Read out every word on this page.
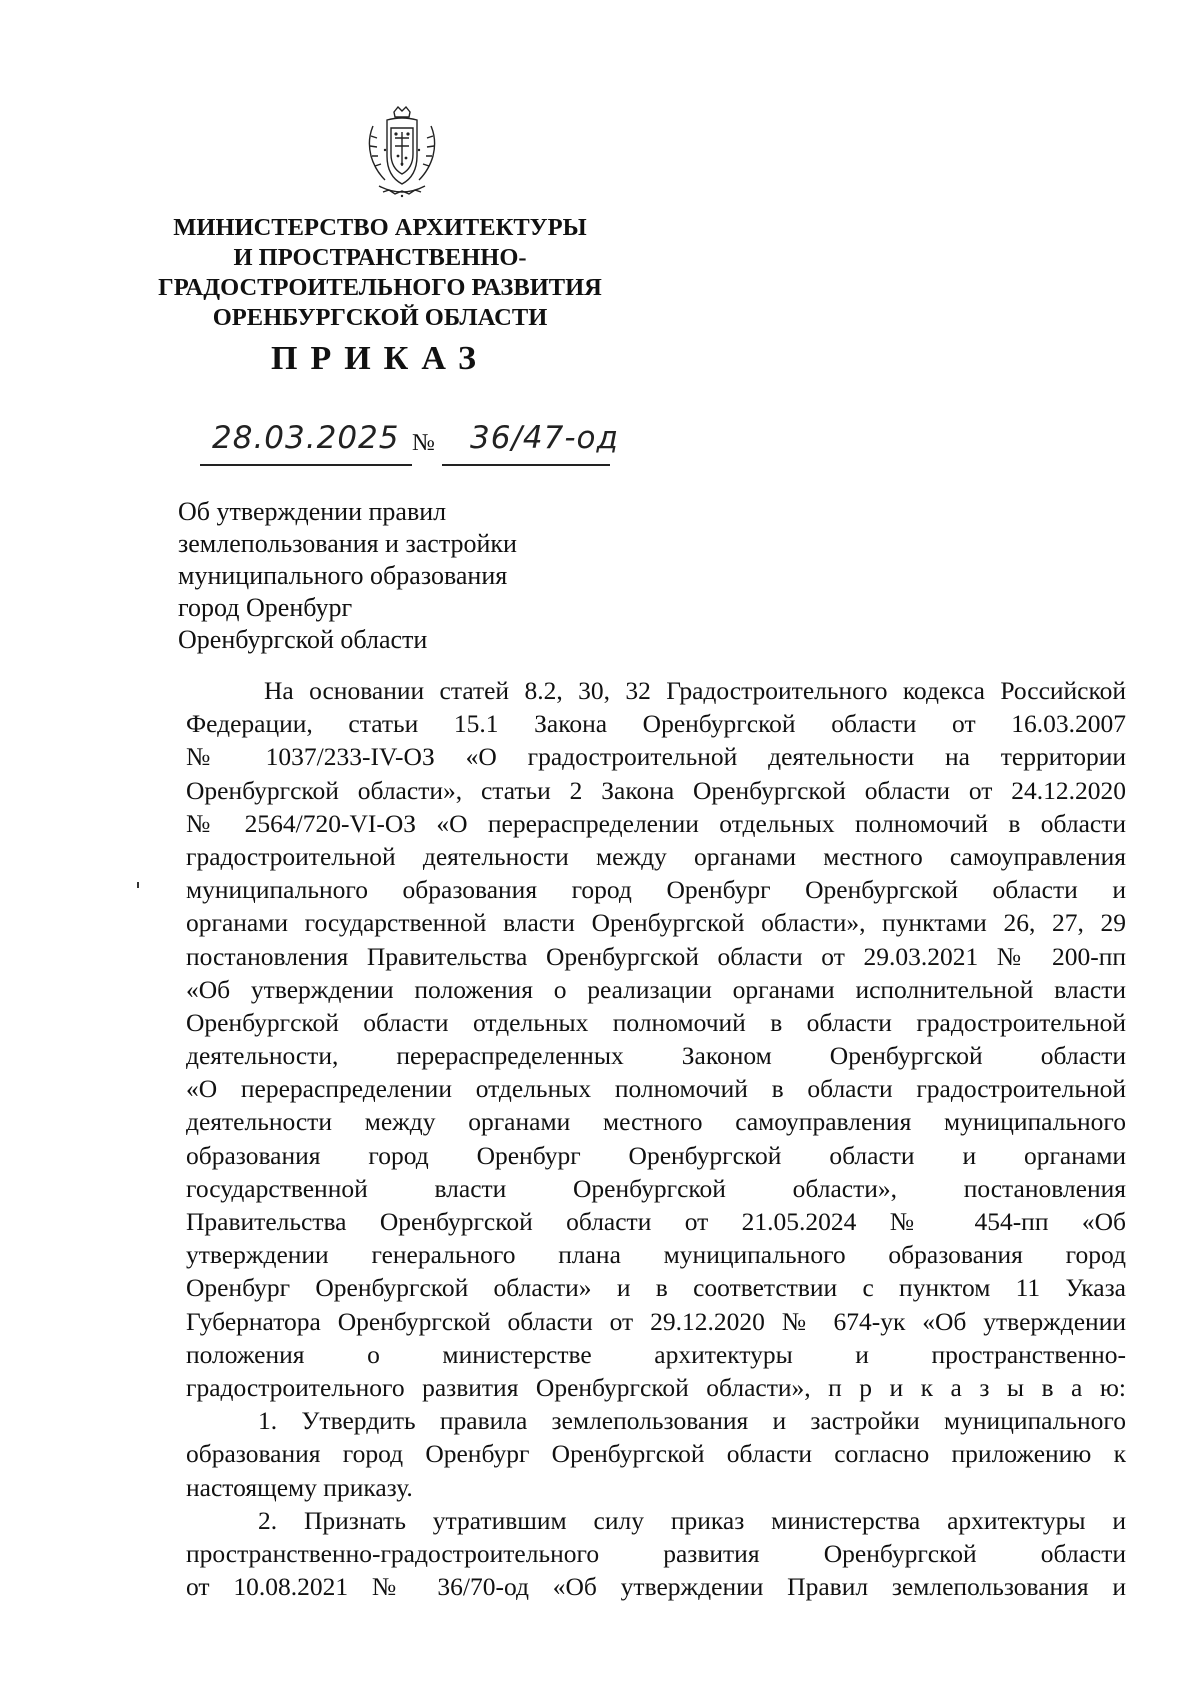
МИНИСТЕРСТВО АРХИТЕКТУРЫ
И ПРОСТРАНСТВЕННО-
ГРАДОСТРОИТЕЛЬНОГО РАЗВИТИЯ
ОРЕНБУРГСКОЙ ОБЛАСТИ
ПРИКАЗ
28.03.2025 № 36/47-од
Об утверждении правил
землепользования и застройки
муниципального образования
город Оренбург
Оренбургской области
На основании статей 8.2, 30, 32 Градостроительного кодекса Российской
Федерации, статьи 15.1 Закона Оренбургской области от 16.03.2007
№ 1037/233-IV-ОЗ «О градостроительной деятельности на территории
Оренбургской области», статьи 2 Закона Оренбургской области от 24.12.2020
№ 2564/720-VI-ОЗ «О перераспределении отдельных полномочий в области
градостроительной деятельности между органами местного самоуправления
муниципального образования город Оренбург Оренбургской области и
органами государственной власти Оренбургской области», пунктами 26, 27, 29
постановления Правительства Оренбургской области от 29.03.2021 № 200-пп
«Об утверждении положения о реализации органами исполнительной власти
Оренбургской области отдельных полномочий в области градостроительной
деятельности, перераспределенных Законом Оренбургской области
«О перераспределении отдельных полномочий в области градостроительной
деятельности между органами местного самоуправления муниципального
образования город Оренбург Оренбургской области и органами
государственной власти Оренбургской области», постановления
Правительства Оренбургской области от 21.05.2024 № 454-пп «Об
утверждении генерального плана муниципального образования город
Оренбург Оренбургской области» и в соответствии с пунктом 11 Указа
Губернатора Оренбургской области от 29.12.2020 № 674-ук «Об утверждении
положения о министерстве архитектуры и пространственно-
градостроительного развития Оренбургской области», п р и к а з ы в а ю:
1. Утвердить правила землепользования и застройки муниципального
образования город Оренбург Оренбургской области согласно приложению к
настоящему приказу.
2. Признать утратившим силу приказ министерства архитектуры и
пространственно-градостроительного развития Оренбургской области
от 10.08.2021 № 36/70-од «Об утверждении Правил землепользования и
